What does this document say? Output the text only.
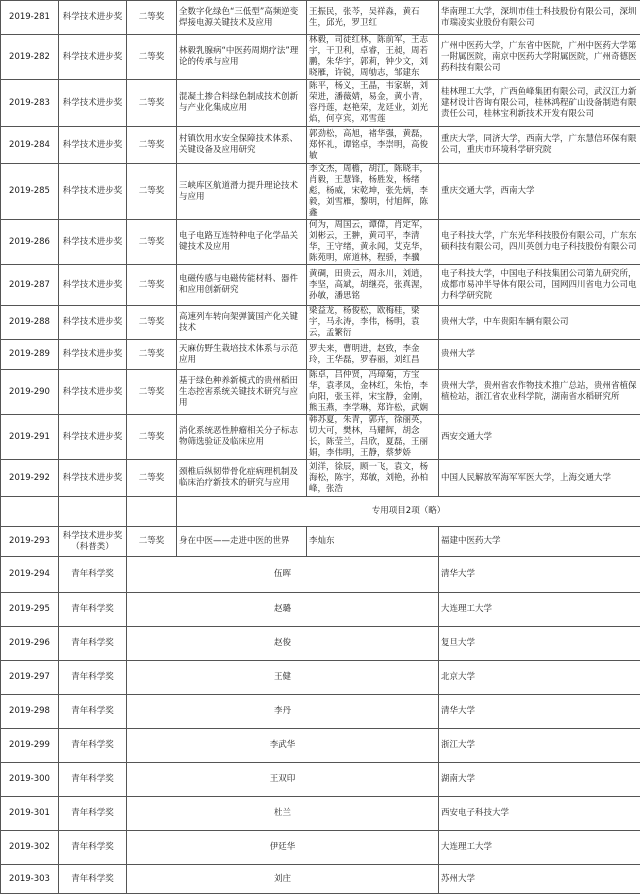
2019-281	科学技术进步奖	二等奖	全数字化绿色“三低型”高频逆变焊接电源关键技术及应用	王振民，张芩，吴祥淼，黄石生，邱光，罗卫红	华南理工大学，深圳市佳士科技股份有限公司，深圳市瑞凌实业股份有限公司
2019-282	科学技术进步奖	二等奖	林毅乳腺病“中医药周期疗法”理论的传承与应用	林毅，司徒红林，陈前军，王志宇，干卫利，卓睿，王昶，周若鹏，朱华宇，郭莉，钟少文，刘晓雁，许锐，周劬志，邹建东	广州中医药大学，广东省中医院，广州中医药大学第一附属医院，南京中医药大学附属医院，广州奇德医药科技有限公司
2019-283	科学技术进步奖	二等奖	混凝土掺合料绿色制成技术创新与产业化集成应用	陈平，杨义，王晶，韦家崭，刘荣进，潘薇婧，易金，黄小青，容丹莲，赵艳荣，龙廷业，刘光焰，何亨宾，邓雪莲	桂林理工大学，广西鱼峰集团有限公司，武汉江力新建材设计咨询有限公司，桂林鸿程矿山设备制造有限责任公司，桂林宝利新技术开发有限公司
2019-284	科学技术进步奖	二等奖	村镇饮用水安全保障技术体系、关键设备及应用研究	郭劲松，高旭，褚华强，黄磊，郑怀礼，谭铭卓，李崇明，高俊敏	重庆大学，同济大学，西南大学，广东慧信环保有限公司，重庆市环境科学研究院
2019-285	科学技术进步奖	二等奖	三峡库区航道滑力提升理论技术与应用	李文杰，周檐，胡江，陈晓丰，肖毅，王慧锋，杨胜发，杨绪彪，杨威，宋乾坤，张先炳，李毅，刘雪雁，黎明，付旭辉，陈鑫	重庆交通大学，西南大学
2019-286	科学技术进步奖	二等奖	电子电路互连特种电子化学品关键技术及应用	何为，周国云，谭偉，肖定军，刘彬云，王翀，黄司平，李清华，王守绪，黄永闻，艾克华，陈苑明，席道林，程骄，李骥	电子科技大学，广东光华科技股份有限公司，广东东硕科技有限公司，四川英创力电子科技股份有限公司
2019-287	科学技术进步奖	二等奖	电磁传感与电磁传能材料、器件和应用创新研究	黄碉，田贵云，周永川，刘逍，李坚，高斌，胡继亮，张真渥，孙敏，潘思铭	电子科技大学，中国电子科技集团公司第九研究所，成都市易冲半导体有限公司，国网四川省电力公司电力科学研究院
2019-288	科学技术进步奖	二等奖	高速列车转向架弹簧国产化关键技术	梁益龙，杨俊松，欧梅桂，梁宇，马永涛，李伟，杨明，袁云，孟繁衍	贵州大学，中车贵阳车辆有限公司
2019-289	科学技术进步奖	二等奖	天麻仿野生栽培技术体系与示范应用	罗夫来，曹明进，赵致，李金玲，王华磊，罗春丽，刘红昌	贵州大学
2019-290	科学技术进步奖	二等奖	基于绿色种养新模式的贵州稻田生态控害系统关键技术研究与应用	陈卓，吕仲贤，冯璋菊，方宝华，袁孝凤，金林红，朱怡，李向阳，张玉祥，宋宝静，金刚，熊玉燕，李学琳，郑许松，武娴	贵州大学，贵州省农作物技术推广总站，贵州省植保植检站，浙江省农业科学院，湖南省水稻研究所
2019-291	科学技术进步奖	二等奖	消化系统恶性肿瘤相关分子标志物筛选验证及临床应用	韩苏夏，朱青，郭卉，徐丽英，切大可，樊林，马耀辉，胡念长，陈莹兰，吕欣，夏磊，王丽娟，李伟明，王静，蔡梦娇	西安交通大学
2019-292	科学技术进步奖	二等奖	颈椎后纵韧带骨化症病理机制及临床治疗新技术的研究与应用	刘洋，徐辰，顾一飞，袁文，杨海松，陈宇，郑敏，刘艳，孙柏峰，张浩	中国人民解放军海军军医大学，上海交通大学
			专用项目2项（略）		
2019-293	科学技术进步奖（科普类）	二等奖	身在中医——走进中医的世界	李灿东	福建中医药大学
2019-294	青年科学奖	伍晖			清华大学
2019-295	青年科学奖	赵璐			大连理工大学
2019-296	青年科学奖	赵俊			复旦大学
2019-297	青年科学奖	王健			北京大学
2019-298	青年科学奖	李丹			清华大学
2019-299	青年科学奖	李武华			浙江大学
2019-300	青年科学奖	王双印			湖南大学
2019-301	青年科学奖	杜兰			西安电子科技大学
2019-302	青年科学奖	伊廷华			大连理工大学
2019-303	青年科学奖	刘庄			苏州大学
